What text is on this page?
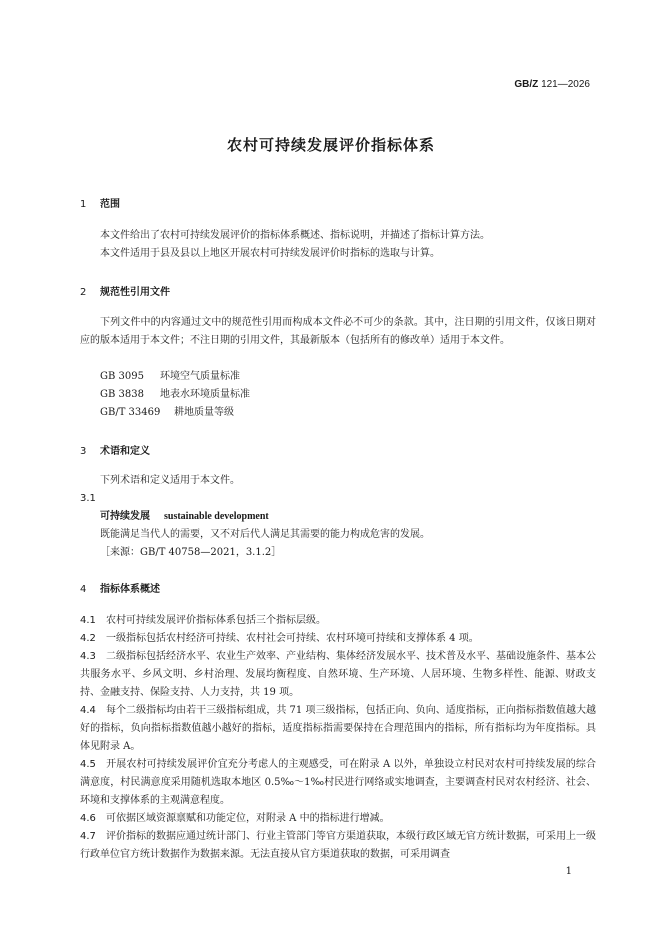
GB/Z 121—2026
农村可持续发展评价指标体系
1 范围
本文件给出了农村可持续发展评价的指标体系概述、指标说明，并描述了指标计算方法。
本文件适用于县及县以上地区开展农村可持续发展评价时指标的选取与计算。
2 规范性引用文件
下列文件中的内容通过文中的规范性引用而构成本文件必不可少的条款。其中，注日期的引用文件，仅该日期对应的版本适用于本文件；不注日期的引用文件，其最新版本（包括所有的修改单）适用于本文件。
GB 3095 环境空气质量标准
GB 3838 地表水环境质量标准
GB/T 33469 耕地质量等级
3 术语和定义
下列术语和定义适用于本文件。
3.1
可持续发展 sustainable development
既能满足当代人的需要，又不对后代人满足其需要的能力构成危害的发展。
［来源：GB/T 40758—2021，3.1.2］
4 指标体系概述
4.1 农村可持续发展评价指标体系包括三个指标层级。
4.2 一级指标包括农村经济可持续、农村社会可持续、农村环境可持续和支撑体系 4 项。
4.3 二级指标包括经济水平、农业生产效率、产业结构、集体经济发展水平、技术普及水平、基础设施条件、基本公共服务水平、乡风文明、乡村治理、发展均衡程度、自然环境、生产环境、人居环境、生物多样性、能源、财政支持、金融支持、保险支持、人力支持，共 19 项。
4.4 每个二级指标均由若干三级指标组成，共 71 项三级指标，包括正向、负向、适度指标，正向指标指数值越大越好的指标，负向指标指数值越小越好的指标，适度指标指需要保持在合理范围内的指标，所有指标均为年度指标。具体见附录 A。
4.5 开展农村可持续发展评价宜充分考虑人的主观感受，可在附录 A 以外，单独设立村民对农村可持续发展的综合满意度，村民满意度采用随机选取本地区 0.5‰～1‰村民进行网络或实地调查，主要调查村民对农村经济、社会、环境和支撑体系的主观满意程度。
4.6 可依据区域资源禀赋和功能定位，对附录 A 中的指标进行增减。
4.7 评价指标的数据应通过统计部门、行业主管部门等官方渠道获取，本级行政区域无官方统计数据，可采用上一级行政单位官方统计数据作为数据来源。无法直接从官方渠道获取的数据，可采用调查
1
